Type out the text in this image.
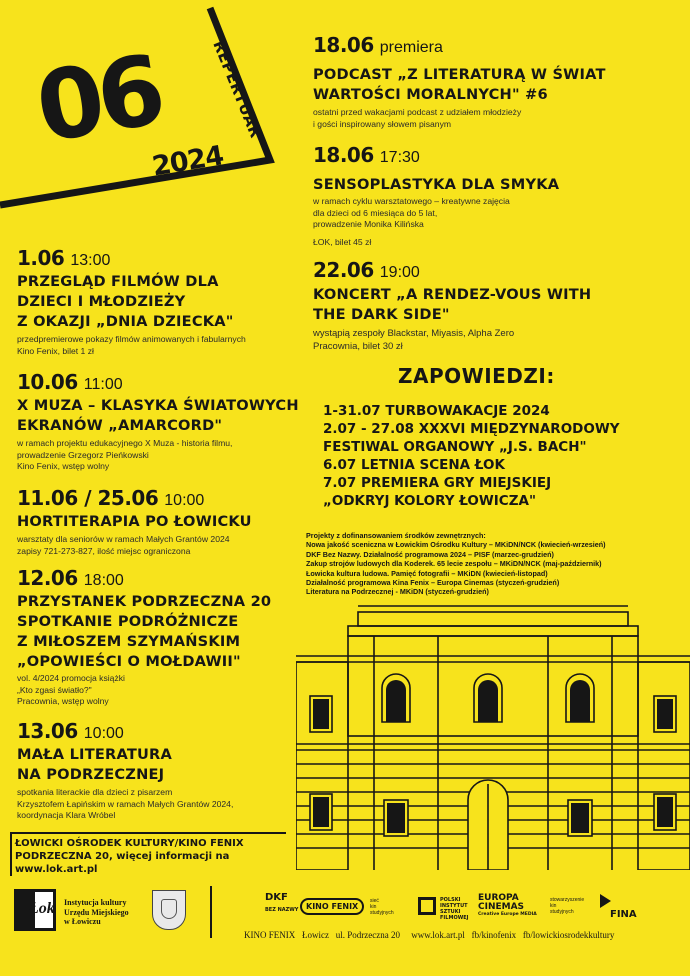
06
2024
REPERTUAR 18.06 premiera
PODCAST „Z LITERATURĄ W ŚWIAT
WARTOŚCI MORALNYCH" #6
ostatni przed wakacjami podcast z udziałem młodzieży
i gości inspirowany słowem pisanym
18.06 17:30
SENSOPLASTYKA DLA SMYKA
w ramach cyklu warsztatowego – kreatywne zajęcia
dla dzieci od 6 miesiąca do 5 lat,
prowadzenie Monika Kilińska
ŁOK, bilet 45 zł
22.06 19:00
KONCERT „A RENDEZ-VOUS WITH
THE DARK SIDE"
wystąpią zespoły Blackstar, Miyasis, Alpha Zero
Pracownia, bilet 30 zł
1.06 13:00
PRZEGLĄD FILMÓW DLA
DZIECI I MŁODZIEŻY
Z OKAZJI „DNIA DZIECKA"
przedpremierowe pokazy filmów animowanych i fabularnych
Kino Fenix, bilet 1 zł
10.06 11:00
X MUZA – KLASYKA ŚWIATOWYCH
EKRANÓW „AMARCORD"
w ramach projektu edukacyjnego X Muza - historia filmu,
prowadzenie Grzegorz Pieńkowski
Kino Fenix, wstęp wolny
11.06 / 25.06 10:00
HORTITERAPIA PO ŁOWICKU
warsztaty dla seniorów w ramach Małych Grantów 2024
zapisy 721-273-827, ilość miejsc ograniczona
12.06 18:00
PRZYSTANEK PODRZECZNA 20
SPOTKANIE PODRÓŻNICZE
Z MIŁOSZEM SZYMAŃSKIM
„OPOWIEŚCI O MOŁDAWII"
vol. 4/2024 promocja książki
„Kto zgasi światło?"
Pracownia, wstęp wolny
13.06 10:00
MAŁA LITERATURA
NA PODRZECZNEJ
spotkania literackie dla dzieci z pisarzem
Krzysztofem Łapińskim w ramach Małych Grantów 2024,
koordynacja Klara Wróbel
ZAPOWIEDZI:
1-31.07 TURBOWAKACJE 2024
2.07 - 27.08 XXXVI MIĘDZYNARODOWY
FESTIWAL ORGANOWY „J.S. BACH"
6.07 LETNIA SCENA ŁOK
7.07 PREMIERA GRY MIEJSKIEJ
„ODKRYJ KOLORY ŁOWICZA"
Projekty z dofinansowaniem środków zewnętrznych:
Nowa jakość sceniczna w Łowickim Ośrodku Kultury – MKiDN/NCK (kwiecień-wrzesień)
DKF Bez Nazwy. Działalność programowa 2024 – PISF (marzec-grudzień)
Zakup strojów ludowych dla Koderek. 65 lecie zespołu – MKiDN/NCK (maj-październik)
Łowicka kultura ludowa. Pamięć fotografii – MKiDN (kwiecień-listopad)
Działalność programowa Kina Fenix – Europa Cinemas (styczeń-grudzień)
Literatura na Podrzecznej - MKiDN (styczeń-grudzień)
ŁOWICKI OŚRODEK KULTURY/KINO FENIX
PODRZECZNA 20, więcej informacji na www.lok.art.pl
Łok Instytucja kultury
Urzędu Miejskiego
w Łowiczu
DKF
BEZ NAZWY KINO FENIX
sieć
kin
studyjnych
POLSKI
INSTYTUT
SZTUKI
FILMOWEJ
EUROPA
CINEMAS
Creative Europe MEDIA
stowarzyszenie
kin
studyjnych	FINA
KINO FENIX   Łowicz   ul. Podrzeczna 20     www.lok.art.pl   fb/kinofenix   fb/lowickiosrodekkultury
